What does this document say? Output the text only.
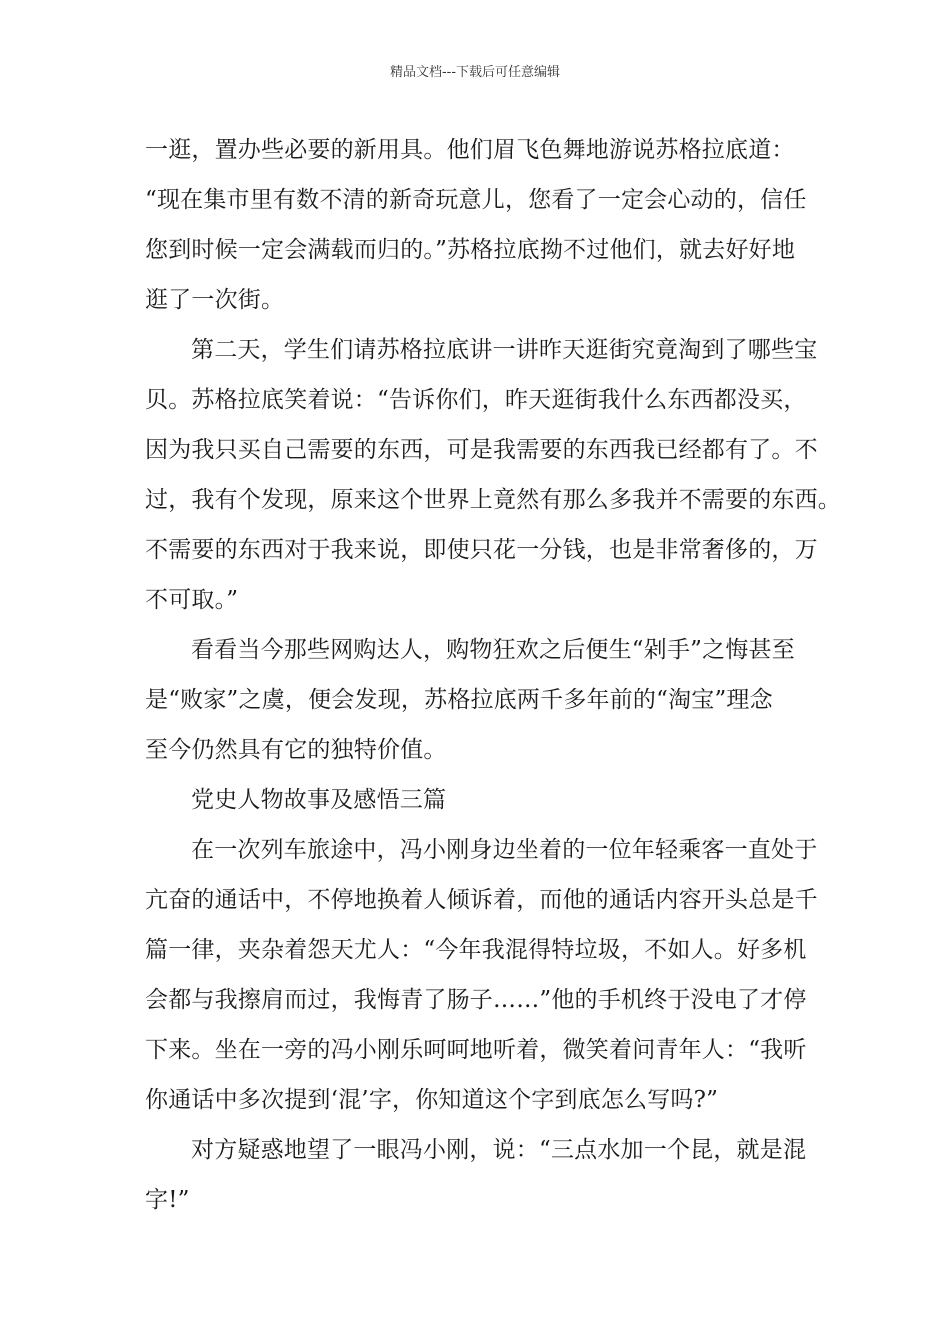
精品文档---下载后可任意编辑
一逛，置办些必要的新用具。他们眉飞色舞地游说苏格拉底道：
“现在集市里有数不清的新奇玩意儿，您看了一定会心动的，信任
您到时候一定会满载而归的。”苏格拉底拗不过他们，就去好好地
逛了一次街。
第二天，学生们请苏格拉底讲一讲昨天逛街究竟淘到了哪些宝
贝。苏格拉底笑着说：“告诉你们，昨天逛街我什么东西都没买，
因为我只买自己需要的东西，可是我需要的东西我已经都有了。不
过，我有个发现，原来这个世界上竟然有那么多我并不需要的东西。
不需要的东西对于我来说，即使只花一分钱，也是非常奢侈的，万
不可取。”
看看当今那些网购达人，购物狂欢之后便生“剁手”之悔甚至
是“败家”之虞，便会发现，苏格拉底两千多年前的“淘宝”理念
至今仍然具有它的独特价值。
党史人物故事及感悟三篇
在一次列车旅途中，冯小刚身边坐着的一位年轻乘客一直处于
亢奋的通话中，不停地换着人倾诉着，而他的通话内容开头总是千
篇一律，夹杂着怨天尤人：“今年我混得特垃圾，不如人。好多机
会都与我擦肩而过，我悔青了肠子……”他的手机终于没电了才停
下来。坐在一旁的冯小刚乐呵呵地听着，微笑着问青年人：“我听
你通话中多次提到‘混’字，你知道这个字到底怎么写吗?”
对方疑惑地望了一眼冯小刚，说：“三点水加一个昆，就是混
字!”
